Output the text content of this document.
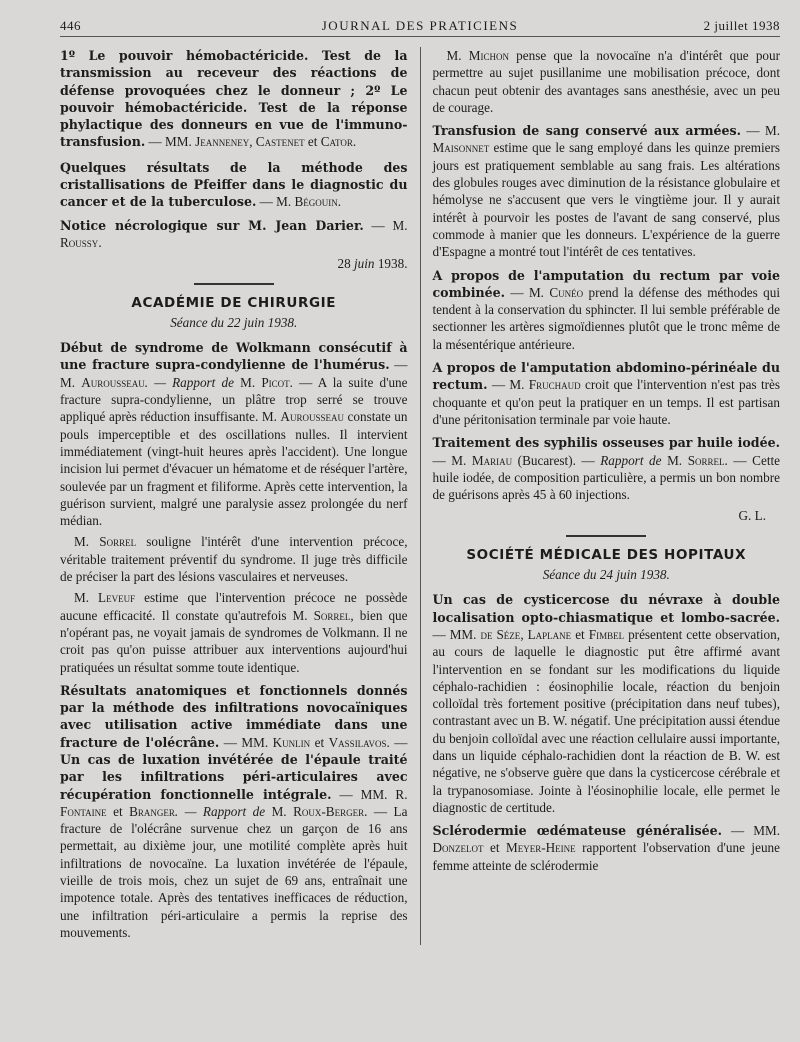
446	JOURNAL DES PRATICIENS	2 juillet 1938

1º Le pouvoir hémobactéricide. Test de la transmission au receveur des réactions de défense provoquées chez le donneur ; 2º Le pouvoir hémobactéricide. Test de la réponse phylactique des donneurs en vue de l'immuno-transfusion. — MM. Jeanneney, Castenet et Cator.

Quelques résultats de la méthode des cristallisations de Pfeiffer dans le diagnostic du cancer et de la tuberculose. — M. Bégouin.

Notice nécrologique sur M. Jean Darier. — M. Roussy.

28 juin 1938.
ACADÉMIE DE CHIRURGIE
Séance du 22 juin 1938.

Début de syndrome de Wolkmann consécutif à une fracture supra-condylienne de l'humérus. — M. Aurousseau. — Rapport de M. Picot. — A la suite d'une fracture supra-condylienne, un plâtre trop serré se trouve appliqué après réduction insuffisante. M. Aurousseau constate un pouls imperceptible et des oscillations nulles. Il intervient immédiatement (vingt-huit heures après l'accident). Une longue incision lui permet d'évacuer un hématome et de réséquer l'artère, soulevée par un fragment et filiforme. Après cette intervention, la guérison survient, malgré une paralysie assez prolongée du nerf médian.

M. Sorrel souligne l'intérêt d'une intervention précoce, véritable traitement préventif du syndrome. Il juge très difficile de préciser la part des lésions vasculaires et nerveuses.

M. Leveuf estime que l'intervention précoce ne possède aucune efficacité. Il constate qu'autrefois M. Sorrel, bien que n'opérant pas, ne voyait jamais de syndromes de Volkmann. Il ne croit pas qu'on puisse attribuer aux interventions aujourd'hui pratiquées un résultat somme toute identique.

Résultats anatomiques et fonctionnels donnés par la méthode des infiltrations novocaïniques avec utilisation active immédiate dans une fracture de l'olécrâne. — MM. Kunlin et Vassilavos. — Un cas de luxation invétérée de l'épaule traité par les infiltrations péri-articulaires avec récupération fonctionnelle intégrale. — MM. R. Fontaine et Branger. — Rapport de M. Roux-Berger. — La fracture de l'olécrâne survenue chez un garçon de 16 ans permettait, au dixième jour, une motilité complète après huit infiltrations de novocaïne. La luxation invétérée de l'épaule, vieille de trois mois, chez un sujet de 69 ans, entraînait une impotence totale. Après des tentatives inefficaces de réduction, une infiltration péri-articulaire a permis la reprise des mouvements.

M. Michon pense que la novocaïne n'a d'intérêt que pour permettre au sujet pusillanime une mobilisation précoce, dont chacun peut obtenir des avantages sans anesthésie, avec un peu de courage.

Transfusion de sang conservé aux armées. — M. Maisonnet estime que le sang employé dans les quinze premiers jours est pratiquement semblable au sang frais. Les altérations des globules rouges avec diminution de la résistance globulaire et hémolyse ne s'accusent que vers le vingtième jour. Il y aurait intérêt à pourvoir les postes de l'avant de sang conservé, plus commode à manier que les donneurs. L'expérience de la guerre d'Espagne a montré tout l'intérêt de ces tentatives.

A propos de l'amputation du rectum par voie combinée. — M. Cunéo prend la défense des méthodes qui tendent à la conservation du sphincter. Il lui semble préférable de sectionner les artères sigmoïdiennes plutôt que le tronc même de la mésentérique antérieure.

A propos de l'amputation abdomino-périnéale du rectum. — M. Fruchaud croit que l'intervention n'est pas très choquante et qu'on peut la pratiquer en un temps. Il est partisan d'une péritonisation terminale par voie haute.

Traitement des syphilis osseuses par huile iodée. — M. Mariau (Bucarest). — Rapport de M. Sorrel. — Cette huile iodée, de composition particulière, a permis un bon nombre de guérisons après 45 à 60 injections.

G. L.
SOCIÉTÉ MÉDICALE DES HOPITAUX
Séance du 24 juin 1938.

Un cas de cysticercose du névraxe à double localisation opto-chiasmatique et lombo-sacrée. — MM. de Séze, Laplane et Fimbel présentent cette observation, au cours de laquelle le diagnostic put être affirmé avant l'intervention en se fondant sur les modifications du liquide céphalo-rachidien : éosinophilie locale, réaction du benjoin colloïdal très fortement positive (précipitation dans neuf tubes), contrastant avec un B. W. négatif. Une précipitation aussi étendue du benjoin colloïdal avec une réaction cellulaire aussi importante, dans un liquide céphalo-rachidien dont la réaction de B. W. est négative, ne s'observe guère que dans la cysticercose cérébrale et la trypanosomiase. Jointe à l'éosinophilie locale, elle permet le diagnostic de certitude.

Sclérodermie œdémateuse généralisée. — MM. Donzelot et Meyer-Heine rapportent l'observation d'une jeune femme atteinte de sclérodermie
